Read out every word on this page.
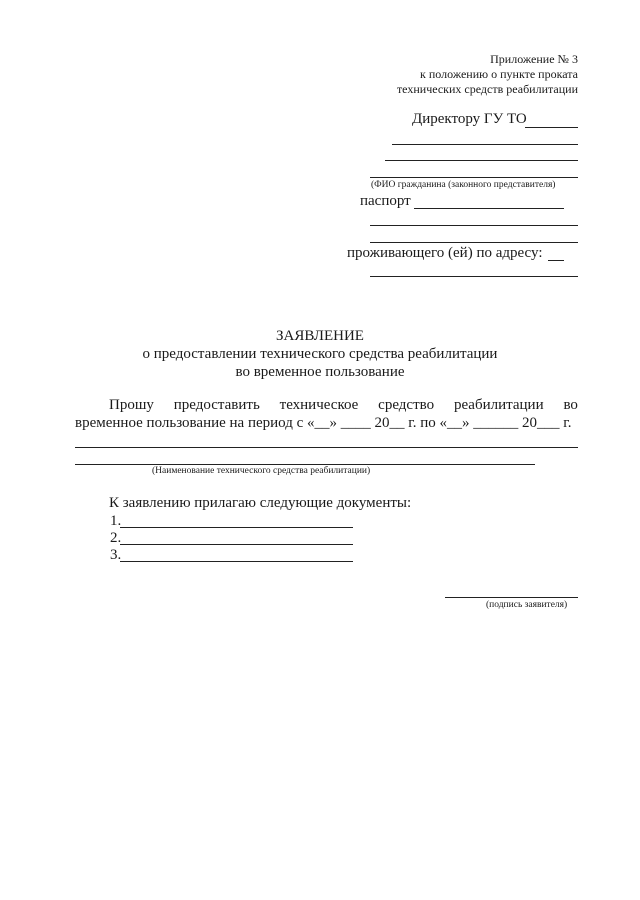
Приложение № 3
к положению о пункте проката
технических средств реабилитации
Директору ГУ ТО
(ФИО гражданина (законного представителя)
паспорт
проживающего (ей) по адресу:
ЗАЯВЛЕНИЕ
о предоставлении технического средства реабилитации
во временное пользование
Прошу предоставить техническое средство реабилитации во
временное пользование на период с «__» ____ 20__ г. по «__» ______ 20___ г.
(Наименование технического средства реабилитации)
К заявлению прилагаю следующие документы:
1.
2.
3.
(подпись заявителя)
